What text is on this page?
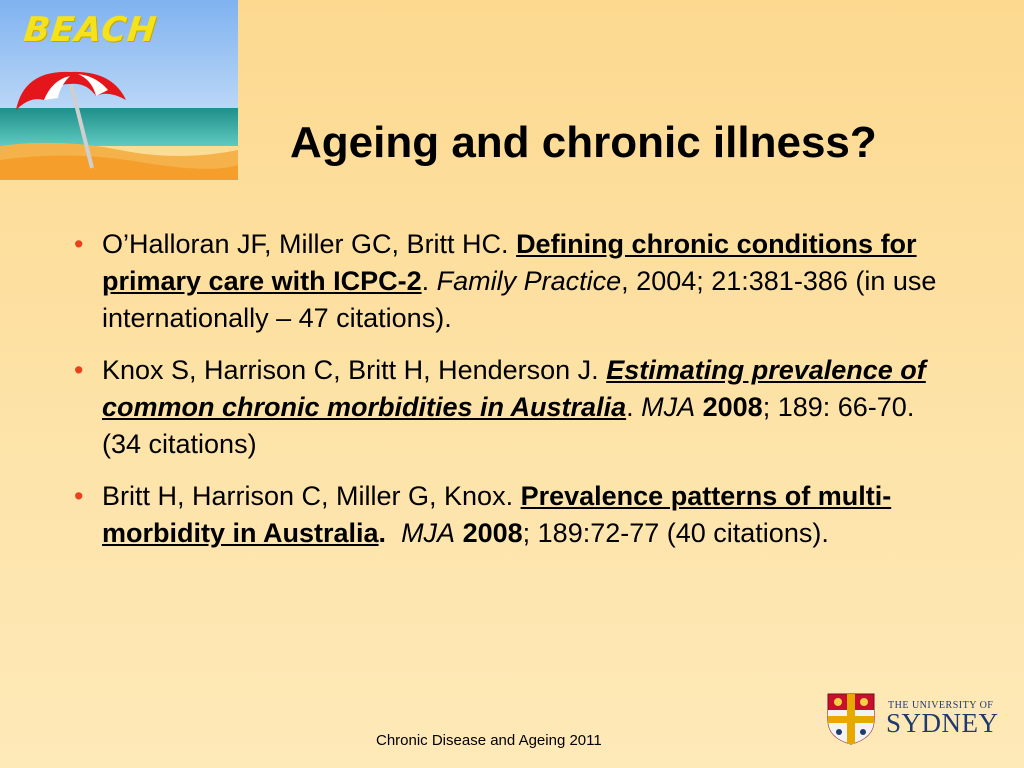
BEACH
Ageing and chronic illness?
• O’Halloran JF, Miller GC, Britt HC. Defining chronic conditions for primary care with ICPC-2. Family Practice, 2004; 21:381-386 (in use internationally – 47 citations).
• Knox S, Harrison C, Britt H, Henderson J. Estimating prevalence of common chronic morbidities in Australia. MJA 2008; 189: 66-70. (34 citations)
• Britt H, Harrison C, Miller G, Knox. Prevalence patterns of multi-morbidity in Australia.  MJA 2008; 189:72-77 (40 citations).
Chronic Disease and Ageing 2011
THE UNIVERSITY OF
SYDNEY
